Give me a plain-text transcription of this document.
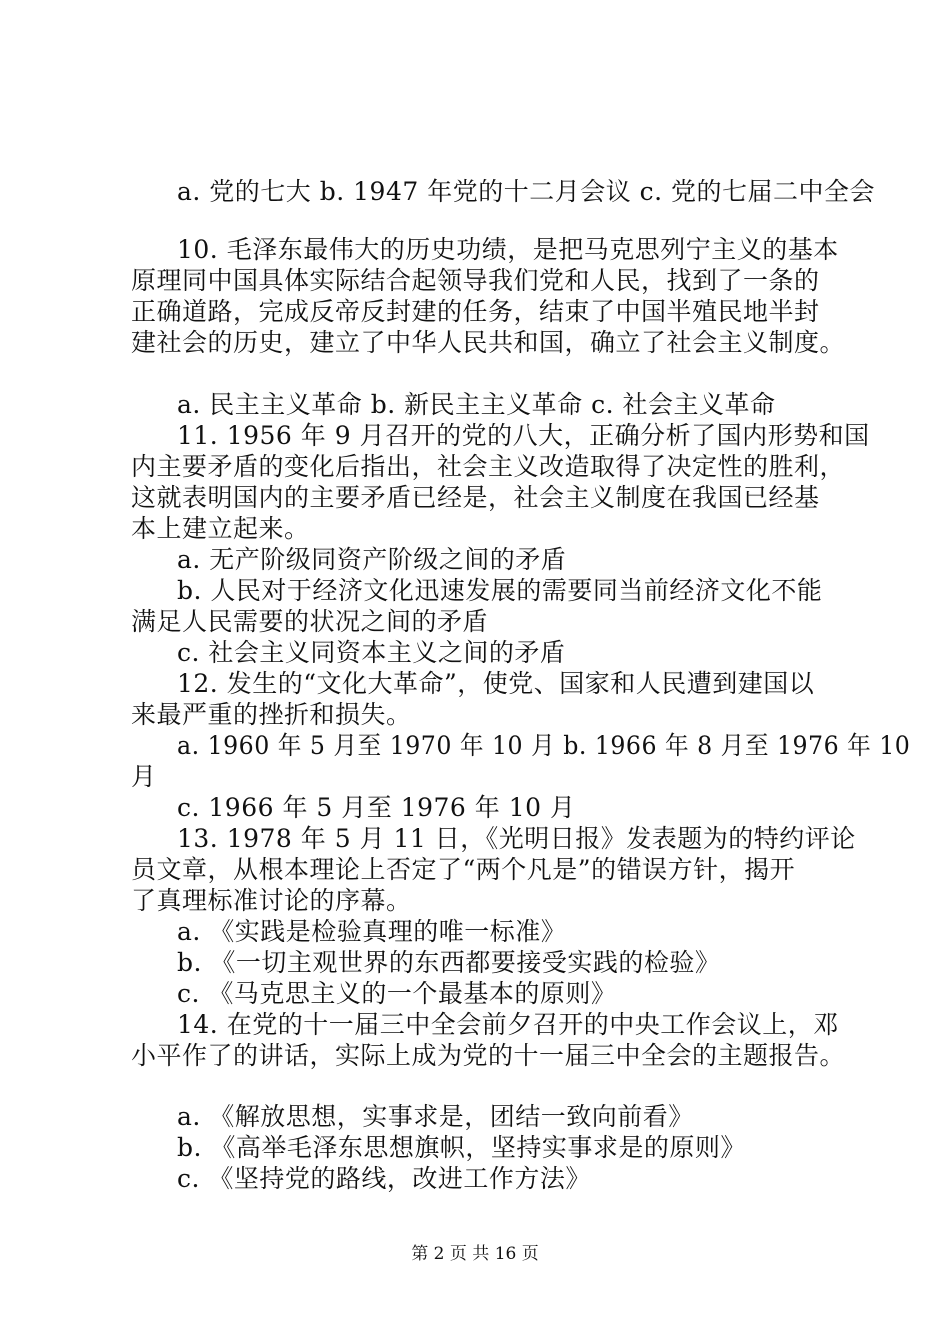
a. 党的七大 b. 1947 年党的十二月会议 c. 党的七届二中全会
10. 毛泽东最伟大的历史功绩，是把马克思列宁主义的基本
原理同中国具体实际结合起领导我们党和人民，找到了一条的
正确道路，完成反帝反封建的任务，结束了中国半殖民地半封
建社会的历史，建立了中华人民共和国，确立了社会主义制度。
a. 民主主义革命 b. 新民主主义革命 c. 社会主义革命
11. 1956 年 9 月召开的党的八大，正确分析了国内形势和国
内主要矛盾的变化后指出，社会主义改造取得了决定性的胜利，
这就表明国内的主要矛盾已经是，社会主义制度在我国已经基
本上建立起来。
a. 无产阶级同资产阶级之间的矛盾
b. 人民对于经济文化迅速发展的需要同当前经济文化不能
满足人民需要的状况之间的矛盾
c. 社会主义同资本主义之间的矛盾
12. 发生的“文化大革命”，使党、国家和人民遭到建国以
来最严重的挫折和损失。
a. 1960 年 5 月至 1970 年 10 月 b. 1966 年 8 月至 1976 年 10
月
c. 1966 年 5 月至 1976 年 10 月
13. 1978 年 5 月 11 日，《光明日报》发表题为的特约评论
员文章，从根本理论上否定了“两个凡是”的错误方针，揭开
了真理标准讨论的序幕。
a. 《实践是检验真理的唯一标准》
b. 《一切主观世界的东西都要接受实践的检验》
c. 《马克思主义的一个最基本的原则》
14. 在党的十一届三中全会前夕召开的中央工作会议上，邓
小平作了的讲话，实际上成为党的十一届三中全会的主题报告。
a. 《解放思想，实事求是，团结一致向前看》
b. 《高举毛泽东思想旗帜，坚持实事求是的原则》
c. 《坚持党的路线，改进工作方法》
第 2 页 共 16 页
